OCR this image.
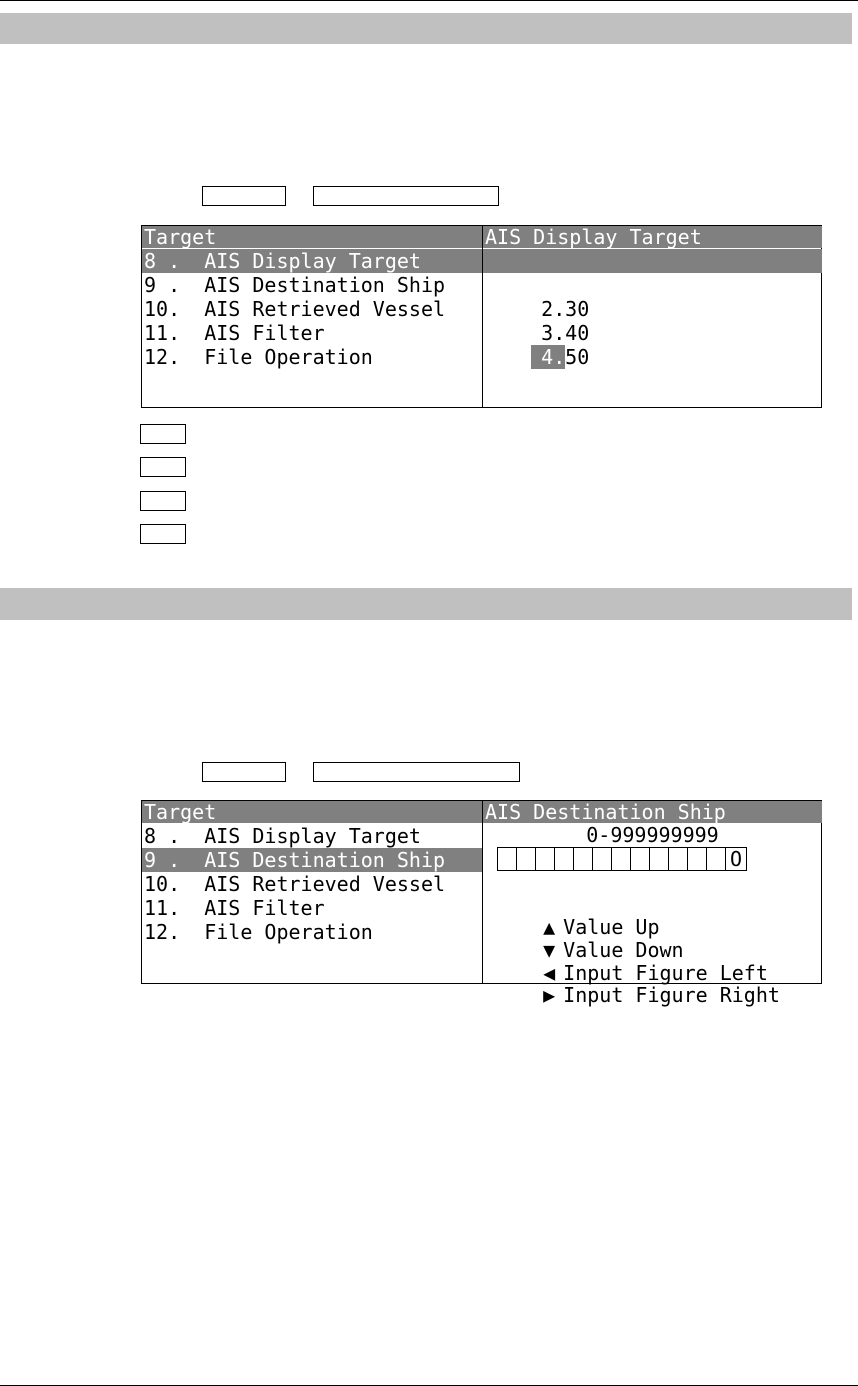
Target	AIS Display Target
8 .  AIS Display Target
9 .  AIS Destination Ship
10.  AIS Retrieved Vessel
11.  AIS Filter
12.  File Operation

1.20

2.30

3.40

4.50

Target	AIS Destination Ship
8 .  AIS Display Target
9 .  AIS Destination Ship
10.  AIS Retrieved Vessel
11.  AIS Filter
12.  File Operation
0-999999999
O

▲ Value Up

▼ Value Down

◀ Input Figure Left

▶ Input Figure Right
